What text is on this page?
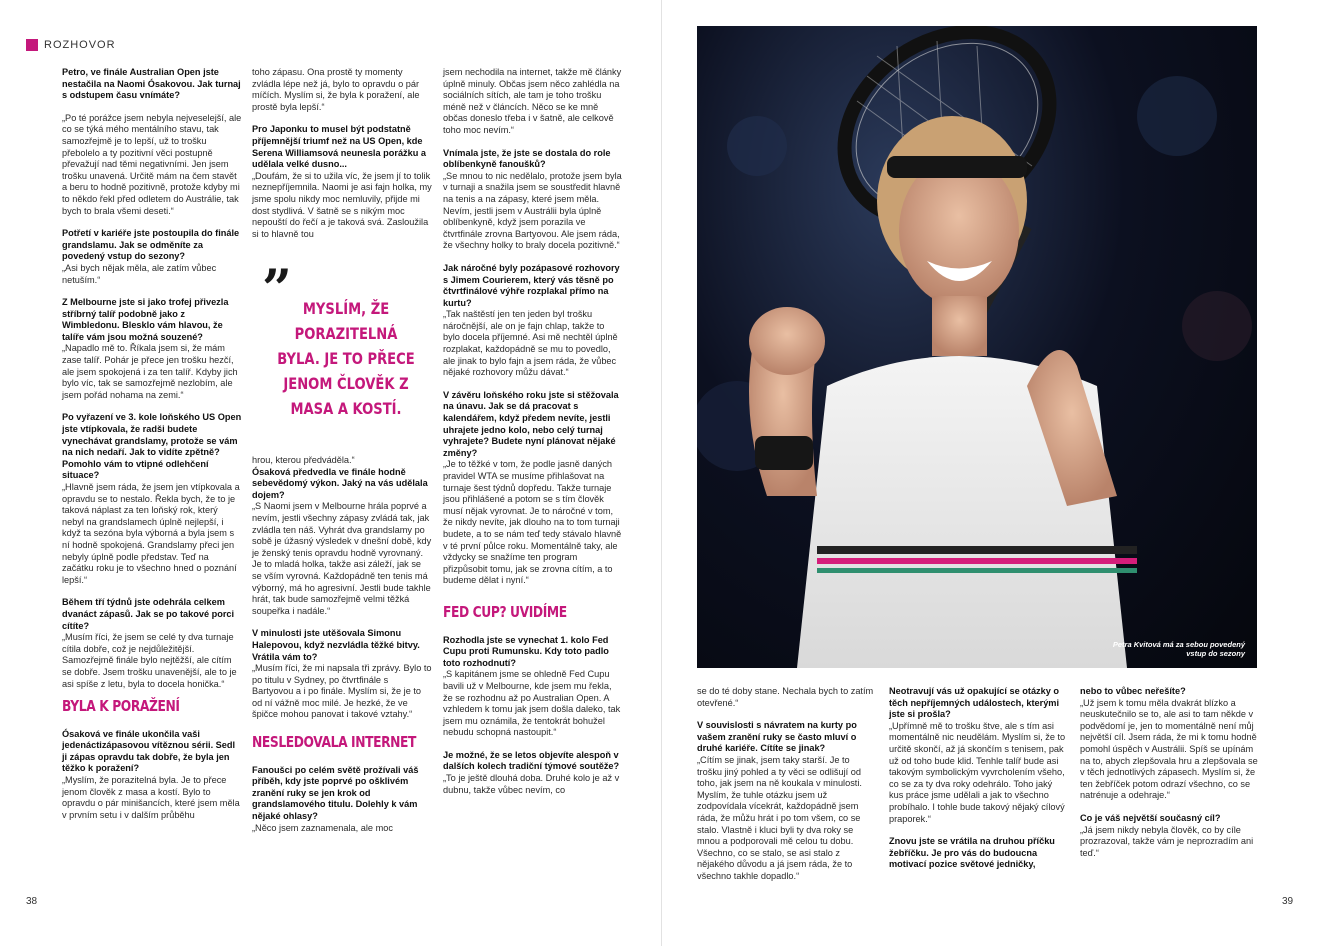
ROZHOVOR

Petro, ve finále Australian Open jste nestačila na Naomi Ósakovou. Jak turnaj s odstupem času vnímáte?

„Po té porážce jsem nebyla nejveselejší, ale co se týká mého mentálního stavu, tak samozřejmě je to lepší, už to trošku přebolelo a ty pozitivní věci postupně převažují nad těmi negativními. Jen jsem trošku unavená. Určitě mám na čem stavět a beru to hodně pozitivně, protože kdyby mi to někdo řekl před odletem do Austrálie, tak bych to brala všemi deseti.“

Potřetí v kariéře jste postoupila do finále grandslamu. Jak se odměníte za povedený vstup do sezony?

„Asi bych nějak měla, ale zatím vůbec netuším.“

Z Melbourne jste si jako trofej přivezla stříbrný talíř podobně jako z Wimbledonu. Blesklo vám hlavou, že talíře vám jsou možná souzené?

„Napadlo mě to. Říkala jsem si, že mám zase talíř. Pohár je přece jen trošku hezčí, ale jsem spokojená i za ten talíř. Kdyby jich bylo víc, tak se samozřejmě nezlobím, ale jsem pořád nohama na zemi.“

Po vyřazení ve 3. kole loňského US Open jste vtípkovala, že radši budete vynechávat grandslamy, protože se vám na nich nedaří. Jak to vidíte zpětně? Pomohlo vám to vtipné odlehčení situace?

„Hlavně jsem ráda, že jsem jen vtípkovala a opravdu se to nestalo. Řekla bych, že to je taková náplast za ten loňský rok, který nebyl na grandslamech úplně nejlepší, i když ta sezóna byla výborná a byla jsem s ní hodně spokojená. Grandslamy přeci jen nebyly úplně podle představ. Teď na začátku roku je to všechno hned o poznání lepší.“

Během tří týdnů jste odehrála celkem dvanáct zápasů. Jak se po takové porci cítíte?

„Musím říci, že jsem se celé ty dva turnaje cítila dobře, což je nejdůležitější. Samozřejmě finále bylo nejtěžší, ale cítím se dobře. Jsem trošku unavenější, ale to je asi spíše z letu, byla to docela honička.“

BYLA K PORAŽENÍ

Ósaková ve finále ukončila vaši jedenáctizápasovou vítěznou sérii. Sedl ji zápas opravdu tak dobře, že byla jen těžko k poražení?

„Myslím, že porazitelná byla. Je to přece jenom člověk z masa a kostí. Bylo to opravdu o pár minišancích, které jsem měla v prvním setu i v dalším průběhu

toho zápasu. Ona prostě ty momenty zvládla lépe než já, bylo to opravdu o pár míčích. Myslím si, že byla k poražení, ale prostě byla lepší.“

Pro Japonku to musel být podstatně příjemnější triumf než na US Open, kde Serena Williamsová neunesla porážku a udělala velké dusno...

„Doufám, že si to užila víc, že jsem jí to tolik neznepříjemnila. Naomi je asi fajn holka, my jsme spolu nikdy moc nemluvily, přijde mi dost stydlivá. V šatně se s nikým moc nepouští do řečí a je taková svá. Zasloužila si to hlavně tou

” MYSLÍM, ŽE PORAZITELNÁ BYLA. JE TO PŘECE JENOM ČLOVĚK Z MASA A KOSTÍ.

hrou, kterou předváděla.“

Ósaková předvedla ve finále hodně sebevědomý výkon. Jaký na vás udělala dojem?

„S Naomi jsem v Melbourne hrála poprvé a nevím, jestli všechny zápasy zvládá tak, jak zvládla ten náš. Vyhrát dva grandslamy po sobě je úžasný výsledek v dnešní době, kdy je ženský tenis opravdu hodně vyrovnaný. Je to mladá holka, takže asi záleží, jak se se vším vyrovná. Každopádně ten tenis má výborný, má ho agresivní. Jestli bude takhle hrát, tak bude samozřejmě velmi těžká soupeřka i nadále.“

V minulosti jste utěšovala Simonu Halepovou, když nezvládla těžké bitvy. Vrátila vám to?

„Musím říci, že mi napsala tři zprávy. Bylo to po titulu v Sydney, po čtvrtfinále s Bartyovou a i po finále. Myslím si, že je to od ní vážně moc milé. Je hezké, že ve špičce mohou panovat i takové vztahy.“

NESLEDOVALA INTERNET

Fanoušci po celém světě prožívali váš příběh, kdy jste poprvé po ošklivém zranění ruky se jen krok od grandslamového titulu. Dolehly k vám nějaké ohlasy?

„Něco jsem zaznamenala, ale moc

jsem nechodila na internet, takže mě články úplně minuly. Občas jsem něco zahlédla na sociálních sítích, ale tam je toho trošku méně než v článcích. Něco se ke mně občas doneslo třeba i v šatně, ale celkově toho moc nevím.“

Vnímala jste, že jste se dostala do role oblíbenkyně fanoušků?

„Se mnou to nic nedělalo, protože jsem byla v turnaji a snažila jsem se soustředit hlavně na tenis a na zápasy, které jsem měla. Nevím, jestli jsem v Austrálii byla úplně oblíbenkyně, když jsem porazila ve čtvrtfinále zrovna Bartyovou. Ale jsem ráda, že všechny holky to braly docela pozitivně.“

Jak náročné byly pozápasové rozhovory s Jimem Courierem, který vás těsně po čtvrtfinálové výhře rozplakal přímo na kurtu?

„Tak naštěstí jen ten jeden byl trošku náročnější, ale on je fajn chlap, takže to bylo docela příjemné. Asi mě nechtěl úplně rozplakat, každopádně se mu to povedlo, ale jinak to bylo fajn a jsem ráda, že vůbec nějaké rozhovory můžu dávat.“

V závěru loňského roku jste si stěžovala na únavu. Jak se dá pracovat s kalendářem, když předem nevíte, jestli uhrajete jedno kolo, nebo celý turnaj vyhrajete? Budete nyní plánovat nějaké změny?

„Je to těžké v tom, že podle jasně daných pravidel WTA se musíme přihlašovat na turnaje šest týdnů dopředu. Takže turnaje jsou přihlášené a potom se s tím člověk musí nějak vyrovnat. Je to náročné v tom, že nikdy nevíte, jak dlouho na to tom turnaji budete, a to se nám teď tedy stávalo hlavně v té první půlce roku. Momentálně taky, ale vždycky se snažíme ten program přizpůsobit tomu, jak se zrovna cítím, a to budeme dělat i nyní.“

FED CUP? UVIDÍME

Rozhodla jste se vynechat 1. kolo Fed Cupu proti Rumunsku. Kdy toto padlo toto rozhodnutí?

„S kapitánem jsme se ohledně Fed Cupu bavili už v Melbourne, kde jsem mu řekla, že se rozhodnu až po Australian Open. A vzhledem k tomu jak jsem došla daleko, tak jsem mu oznámila, že tentokrát bohužel nebudu schopná nastoupit.“

Je možné, že se letos objevíte alespoň v dalších kolech tradiční týmové soutěže?

„To je ještě dlouhá doba. Druhé kolo je až v dubnu, takže vůbec nevím, co

Petra Kvitová má za sebou povedený
vstup do sezony

se do té doby stane. Nechala bych to zatím otevřené.“

V souvislosti s návratem na kurty po vašem zranění ruky se často mluví o druhé kariéře. Cítíte se jinak?

„Cítím se jinak, jsem taky starší. Je to trošku jiný pohled a ty věci se odlišují od toho, jak jsem na ně koukala v minulosti. Myslím, že tuhle otázku jsem už zodpovídala vícekrát, každopádně jsem ráda, že můžu hrát i po tom všem, co se stalo. Vlastně i kluci byli ty dva roky se mnou a podporovali mě celou tu dobu. Všechno, co se stalo, se asi stalo z nějakého důvodu a já jsem ráda, že to všechno takhle dopadlo.“

Neotravují vás už opakující se otázky o těch nepříjemných událostech, kterými jste si prošla?

„Upřímně mě to trošku štve, ale s tím asi momentálně nic neudělám. Myslím si, že to určitě skončí, až já skončím s tenisem, pak už od toho bude klid. Tenhle talíř bude asi takovým symbolickým vyvrcholením všeho, co se za ty dva roky odehrálo. Toho jaký kus práce jsme udělali a jak to všechno probíhalo. I tohle bude takový nějaký cílový praporek.“

Znovu jste se vrátila na druhou příčku žebříčku. Je pro vás do budoucna motivací pozice světové jedničky,

nebo to vůbec neřešíte?

„Už jsem k tomu měla dvakrát blízko a neuskutečnilo se to, ale asi to tam někde v podvědomí je, jen to momentálně není můj největší cíl. Jsem ráda, že mi k tomu hodně pomohl úspěch v Austrálii. Spíš se upínám na to, abych zlepšovala hru a zlepšovala se v těch jednotlivých zápasech. Myslím si, že ten žebříček potom odrazí všechno, co se natrénuje a odehraje.“

Co je váš největší současný cíl?

„Já jsem nikdy nebyla člověk, co by cíle prozrazoval, takže vám je neprozradím ani teď.“

38	39
